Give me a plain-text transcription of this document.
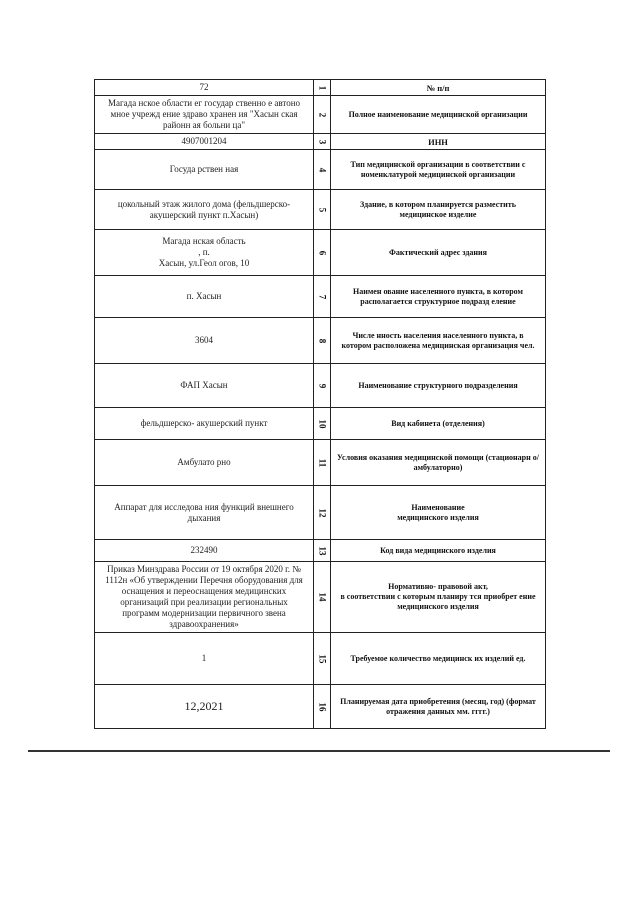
72	1	№ п/п
Магада нское области ег государ ственно е автоно мное учрежд ение здраво хранен ия "Хасын ская районн ая больни ца"	2	Полное наименование медицинской организации
4907001204	3	ИНН
Госуда рствен ная	4	Тип медицинской организации в соответствии с номенклатурой медицинской организации
цокольный этаж жилого дома (фельдшерско- акушерский пункт п.Хасын)	5	Здание, в котором планируется разместить медицинское изделие

Магада нская область
, п.
Хасын, ул.Геол огов, 10	6	Фактический адрес здания
п. Хасын	7	Наимен ование населенного пункта, в котором располагается структурное подразд еление
3604	8	Числе нность населения населенного пункта, в котором расположена медицинская организация чел.
ФАП Хасын	9	Наименование структурного подразделения
фельдшерско- акушерский пункт	10	Вид кабинета (отделения)
Амбулато рно	11	Условия оказания медицинской помощи (стационарн о/амбулаторно)
Аппарат для исследова ния функций внешнего дыхания	12	Наименование
медицинского изделия

232490	13	Код вида медицинского изделия
Приказ Минздрава России от 19 октября 2020 г. № 1112н «Об утверждении Перечня оборудования для оснащения и переоснащения медицинских организаций при реализации региональных программ модернизации первичного звена здравоохранения»	14	Нормативно- правовой акт,
в соответствии с которым планиру тся приобрет ение медицинского изделия

1	15	Требуемое количество медицинск их изделий ед.
12,2021	16	Планируемая дата приобретения (месяц, год) (формат отражения данных мм. гггг.)
